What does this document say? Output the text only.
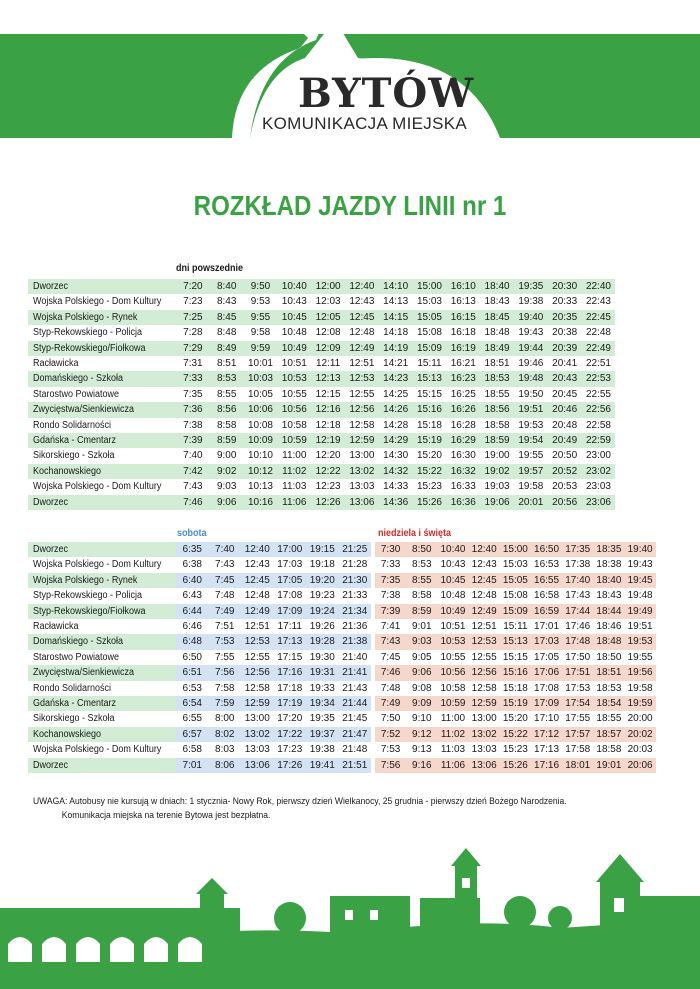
BYTÓW
KOMUNIKACJA MIEJSKA
ROZKŁAD JAZDY LINII nr 1
dni powszednie
Dworzec	7:20	8:40	9:50	10:40	12:00	12:40	14:10	15:00	16:10	18:40	19:35	20:30	22:40
Wojska Polskiego - Dom Kultury	7:23	8:43	9:53	10:43	12:03	12:43	14:13	15:03	16:13	18:43	19:38	20:33	22:43
Wojska Polskiego - Rynek	7:25	8:45	9:55	10:45	12:05	12:45	14:15	15:05	16:15	18:45	19:40	20:35	22:45
Styp-Rekowskiego - Policja	7:28	8:48	9:58	10:48	12:08	12:48	14:18	15:08	16:18	18:48	19:43	20:38	22:48
Styp-Rekowskiego/Fiołkowa	7:29	8:49	9:59	10:49	12:09	12:49	14:19	15:09	16:19	18:49	19:44	20:39	22:49
Racławicka	7:31	8:51	10:01	10:51	12:11	12:51	14:21	15:11	16:21	18:51	19:46	20:41	22:51
Domańskiego - Szkoła	7:33	8:53	10:03	10:53	12:13	12:53	14:23	15:13	16:23	18:53	19:48	20:43	22:53
Starostwo Powiatowe	7:35	8:55	10:05	10:55	12:15	12:55	14:25	15:15	16:25	18:55	19:50	20:45	22:55
Zwycięstwa/Sienkiewicza	7:36	8:56	10:06	10:56	12:16	12:56	14:26	15:16	16:26	18:56	19:51	20:46	22:56
Rondo Solidarności	7:38	8:58	10:08	10:58	12:18	12:58	14:28	15:18	16:28	18:58	19:53	20:48	22:58
Gdańska - Cmentarz	7:39	8:59	10:09	10:59	12:19	12:59	14:29	15:19	16:29	18:59	19:54	20:49	22:59
Sikorskiego - Szkoła	7:40	9:00	10:10	11:00	12:20	13:00	14:30	15:20	16:30	19:00	19:55	20:50	23:00
Kochanowskiego	7:42	9:02	10:12	11:02	12:22	13:02	14:32	15:22	16:32	19:02	19:57	20:52	23:02
Wojska Polskiego - Dom Kultury	7:43	9:03	10:13	11:03	12:23	13:03	14:33	15:23	16:33	19:03	19:58	20:53	23:03
Dworzec	7:46	9:06	10:16	11:06	12:26	13:06	14:36	15:26	16:36	19:06	20:01	20:56	23:06
sobota	niedziela i święta
Dworzec	6:35	7:40	12:40	17:00	19:15	21:25
Wojska Polskiego - Dom Kultury	6:38	7:43	12:43	17:03	19:18	21:28
Wojska Polskiego - Rynek	6:40	7:45	12:45	17:05	19:20	21:30
Styp-Rekowskiego - Policja	6:43	7:48	12:48	17:08	19:23	21:33
Styp-Rekowskiego/Fiołkowa	6:44	7:49	12:49	17:09	19:24	21:34
Racławicka	6:46	7:51	12:51	17:11	19:26	21:36
Domańskiego - Szkoła	6:48	7:53	12:53	17:13	19:28	21:38
Starostwo Powiatowe	6:50	7:55	12:55	17:15	19:30	21:40
Zwycięstwa/Sienkiewicza	6:51	7:56	12:56	17:16	19:31	21:41
Rondo Solidarności	6:53	7:58	12:58	17:18	19:33	21:43
Gdańska - Cmentarz	6:54	7:59	12:59	17:19	19:34	21:44
Sikorskiego - Szkoła	6:55	8:00	13:00	17:20	19:35	21:45
Kochanowskiego	6:57	8:02	13:02	17:22	19:37	21:47
Wojska Polskiego - Dom Kultury	6:58	8:03	13:03	17:23	19:38	21:48
Dworzec	7:01	8:06	13:06	17:26	19:41	21:51
7:30	8:50	10:40	12:40	15:00	16:50	17:35	18:35	19:40
7:33	8:53	10:43	12:43	15:03	16:53	17:38	18:38	19:43
7:35	8:55	10:45	12:45	15:05	16:55	17:40	18:40	19:45
7:38	8:58	10:48	12:48	15:08	16:58	17:43	18:43	19:48
7:39	8:59	10:49	12:49	15:09	16:59	17:44	18:44	19:49
7:41	9:01	10:51	12:51	15:11	17:01	17:46	18:46	19:51
7:43	9:03	10:53	12:53	15:13	17:03	17:48	18:48	19:53
7:45	9:05	10:55	12:55	15:15	17:05	17:50	18:50	19:55
7:46	9:06	10:56	12:56	15:16	17:06	17:51	18:51	19:56
7:48	9:08	10:58	12:58	15:18	17:08	17:53	18:53	19:58
7:49	9:09	10:59	12:59	15:19	17:09	17:54	18:54	19:59
7:50	9:10	11:00	13:00	15:20	17:10	17:55	18:55	20:00
7:52	9:12	11:02	13:02	15:22	17:12	17:57	18:57	20:02
7:53	9:13	11:03	13:03	15:23	17:13	17:58	18:58	20:03
7:56	9:16	11:06	13:06	15:26	17:16	18:01	19:01	20:06
UWAGA: Autobusy nie kursują w dniach: 1 stycznia- Nowy Rok, pierwszy dzień Wielkanocy, 25 grudnia - pierwszy dzień Bożego Narodzenia.
Komunikacja miejska na terenie Bytowa jest bezpłatna.
